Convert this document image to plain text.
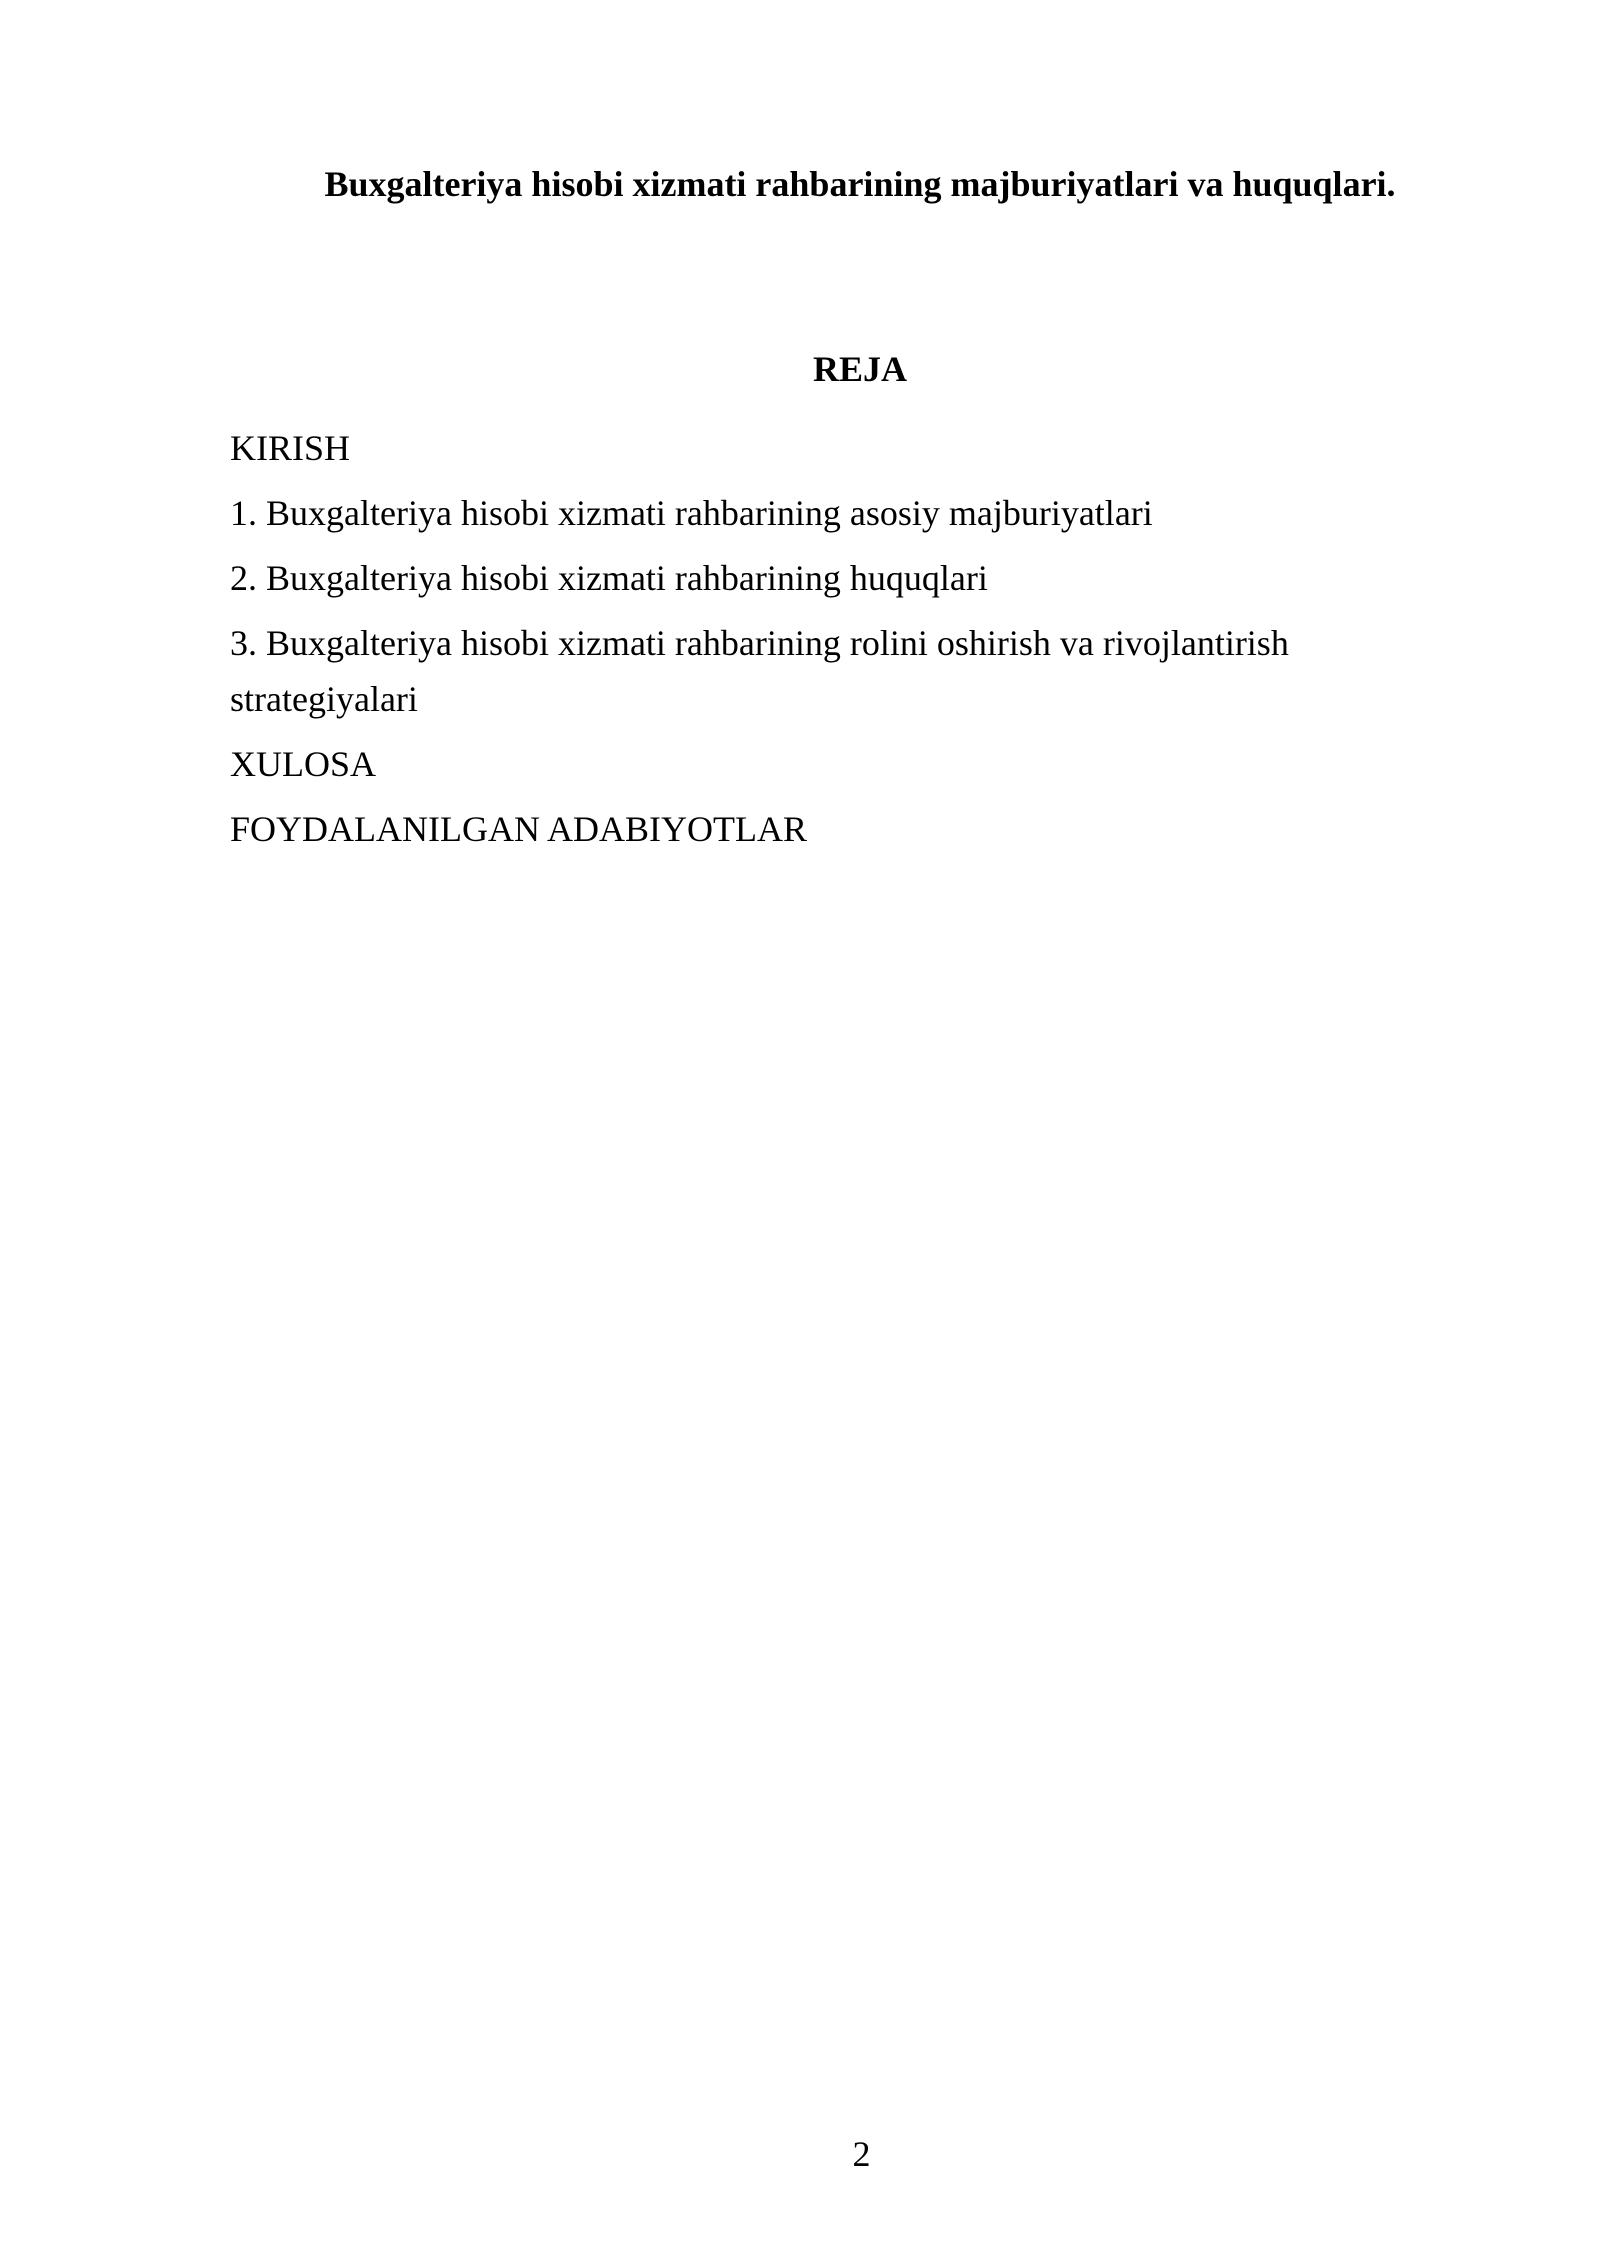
Buxgalteriya hisobi xizmati rahbarining majburiyatlari va huquqlari.
REJA
KIRISH
1. Buxgalteriya hisobi xizmati rahbarining asosiy majburiyatlari
2. Buxgalteriya hisobi xizmati rahbarining huquqlari
3. Buxgalteriya hisobi xizmati rahbarining rolini oshirish va rivojlantirish strategiyalari
XULOSA
FOYDALANILGAN ADABIYOTLAR
2
